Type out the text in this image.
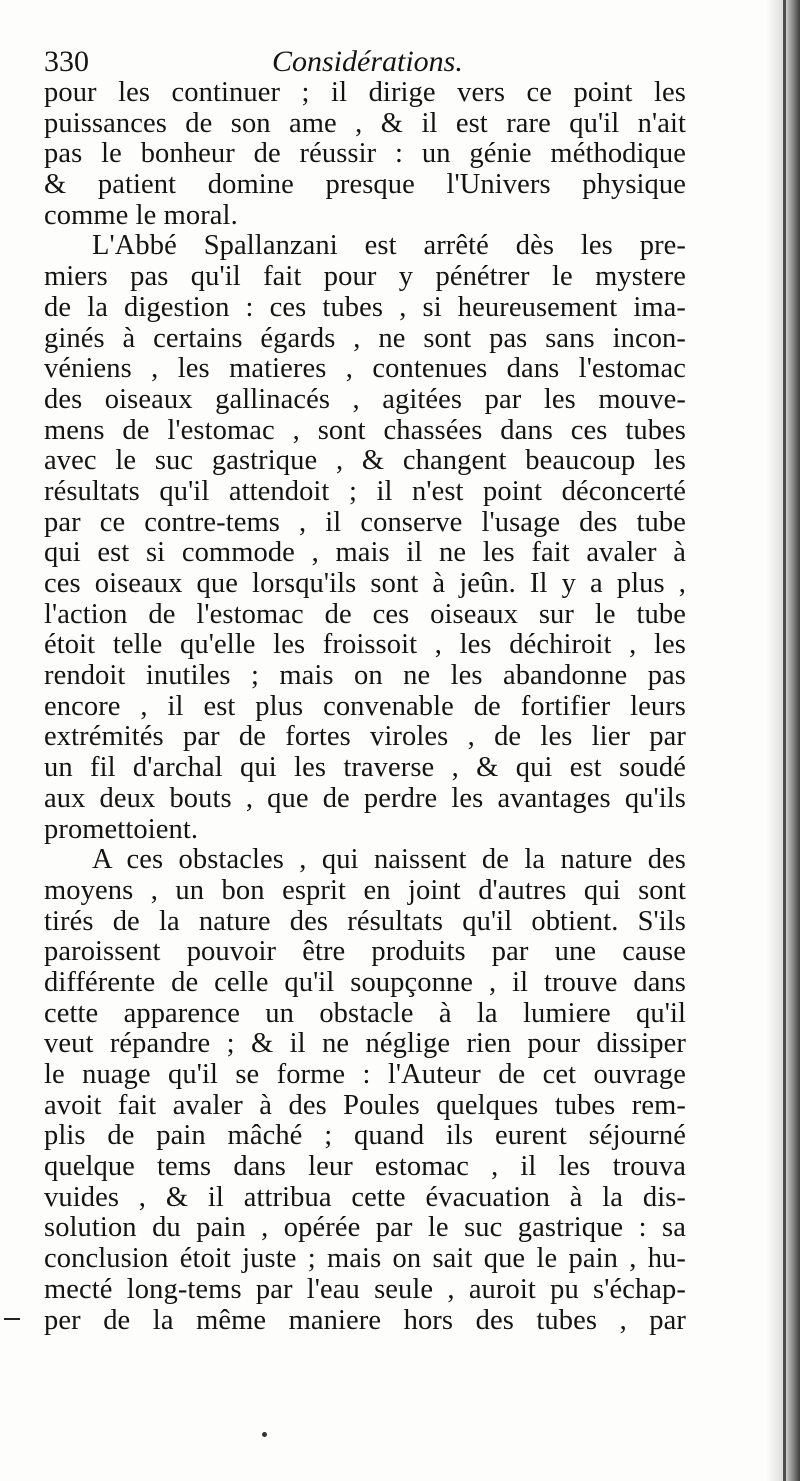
330	Considérations.
pour les continuer ; il dirige vers ce point les
puissances de son ame , & il est rare qu'il n'ait
pas le bonheur de réussir : un génie méthodique
& patient domine presque l'Univers physique
comme le moral.
L'Abbé Spallanzani est arrêté dès les pre-
miers pas qu'il fait pour y pénétrer le mystere
de la digestion : ces tubes , si heureusement ima-
ginés à certains égards , ne sont pas sans incon-
véniens , les matieres , contenues dans l'estomac
des oiseaux gallinacés , agitées par les mouve-
mens de l'estomac , sont chassées dans ces tubes
avec le suc gastrique , & changent beaucoup les
résultats qu'il attendoit ; il n'est point déconcerté
par ce contre-tems , il conserve l'usage des tube
qui est si commode , mais il ne les fait avaler à
ces oiseaux que lorsqu'ils sont à jeûn. Il y a plus ,
l'action de l'estomac de ces oiseaux sur le tube
étoit telle qu'elle les froissoit , les déchiroit , les
rendoit inutiles ; mais on ne les abandonne pas
encore , il est plus convenable de fortifier leurs
extrémités par de fortes viroles , de les lier par
un fil d'archal qui les traverse , & qui est soudé
aux deux bouts , que de perdre les avantages qu'ils
promettoient.
A ces obstacles , qui naissent de la nature des
moyens , un bon esprit en joint d'autres qui sont
tirés de la nature des résultats qu'il obtient. S'ils
paroissent pouvoir être produits par une cause
différente de celle qu'il soupçonne , il trouve dans
cette apparence un obstacle à la lumiere qu'il
veut répandre ; & il ne néglige rien pour dissiper
le nuage qu'il se forme : l'Auteur de cet ouvrage
avoit fait avaler à des Poules quelques tubes rem-
plis de pain mâché ; quand ils eurent séjourné
quelque tems dans leur estomac , il les trouva
vuides , & il attribua cette évacuation à la dis-
solution du pain , opérée par le suc gastrique : sa
conclusion étoit juste ; mais on sait que le pain , hu-
mecté long-tems par l'eau seule , auroit pu s'échap-
per de la même maniere hors des tubes , par
